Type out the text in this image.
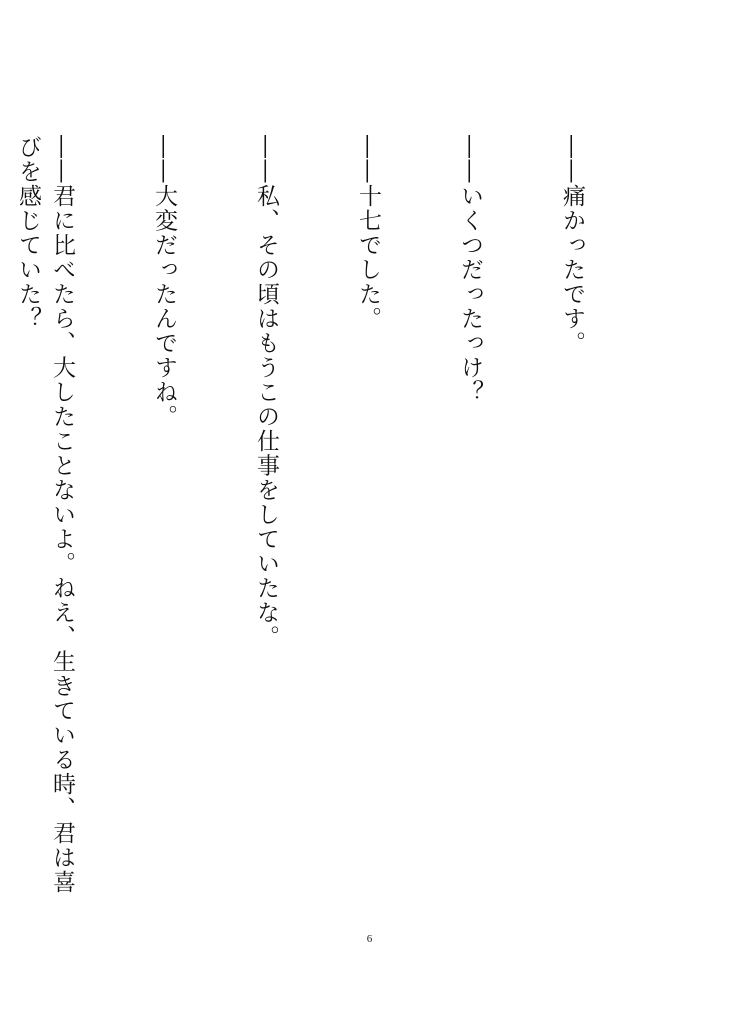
――痛かったです。

――いくつだったっけ？

――十七でした。

――私、その頃はもうこの仕事をしていたな。

――大変だったんですね。

――君に比べたら、大したことないよ。ねえ、生きている時、君は喜びを感じていた？

6
